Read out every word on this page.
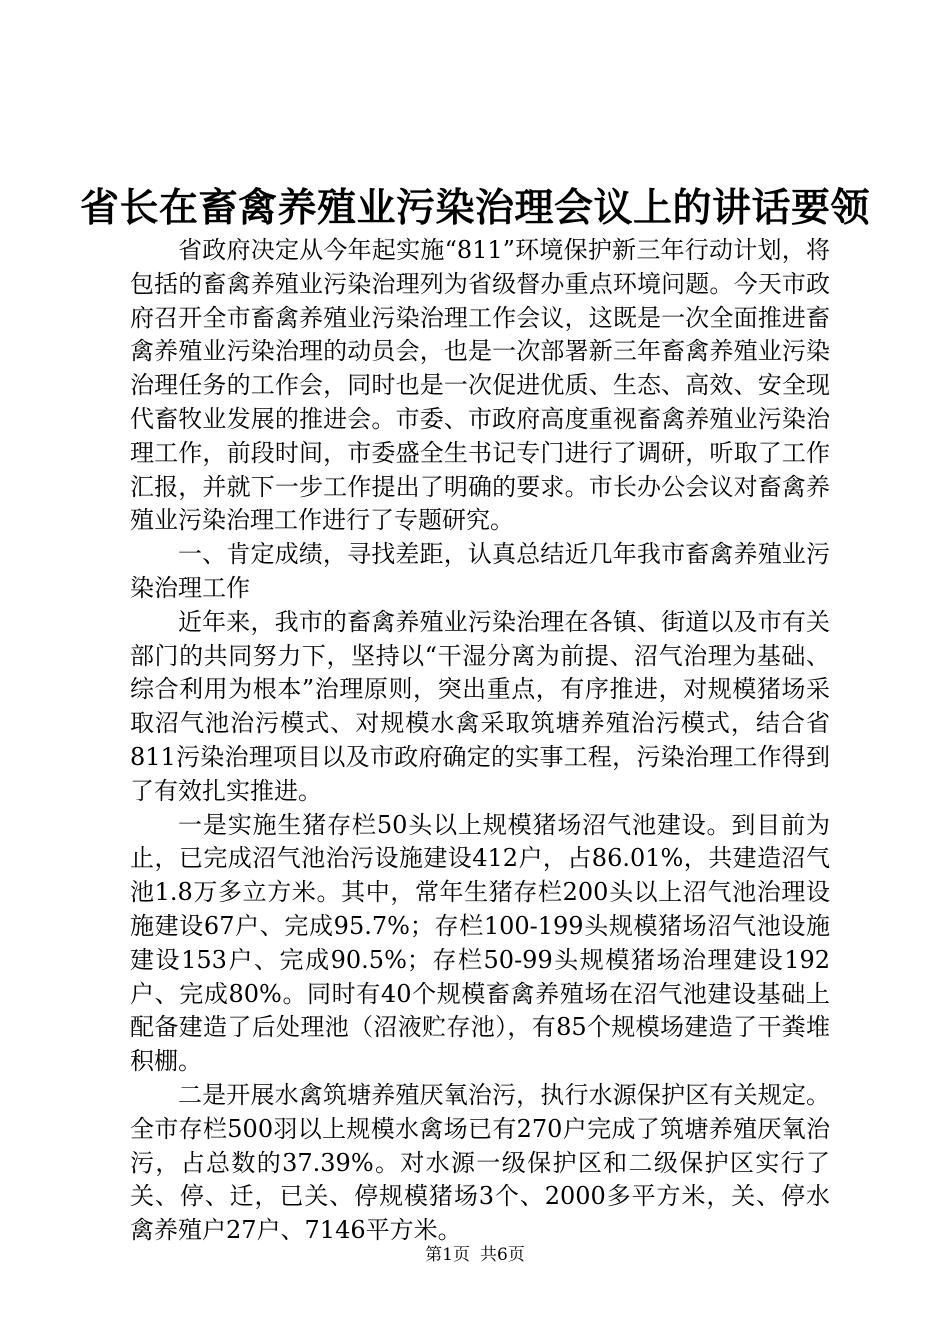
省长在畜禽养殖业污染治理会议上的讲话要领

省政府决定从今年起实施“811”环境保护新三年行动计划，将包括的畜禽养殖业污染治理列为省级督办重点环境问题。今天市政府召开全市畜禽养殖业污染治理工作会议，这既是一次全面推进畜禽养殖业污染治理的动员会，也是一次部署新三年畜禽养殖业污染治理任务的工作会，同时也是一次促进优质、生态、高效、安全现代畜牧业发展的推进会。市委、市政府高度重视畜禽养殖业污染治理工作，前段时间，市委盛全生书记专门进行了调研，听取了工作汇报，并就下一步工作提出了明确的要求。市长办公会议对畜禽养殖业污染治理工作进行了专题研究。

一、肯定成绩，寻找差距，认真总结近几年我市畜禽养殖业污染治理工作

近年来，我市的畜禽养殖业污染治理在各镇、街道以及市有关部门的共同努力下，坚持以“干湿分离为前提、沼气治理为基础、综合利用为根本”治理原则，突出重点，有序推进，对规模猪场采取沼气池治污模式、对规模水禽采取筑塘养殖治污模式，结合省811污染治理项目以及市政府确定的实事工程，污染治理工作得到了有效扎实推进。

一是实施生猪存栏50头以上规模猪场沼气池建设。到目前为止，已完成沼气池治污设施建设412户，占86.01%，共建造沼气池1.8万多立方米。其中，常年生猪存栏200头以上沼气池治理设施建设67户、完成95.7%；存栏100-199头规模猪场沼气池设施建设153户、完成90.5%；存栏50-99头规模猪场治理建设192户、完成80%。同时有40个规模畜禽养殖场在沼气池建设基础上配备建造了后处理池（沼液贮存池），有85个规模场建造了干粪堆积棚。

二是开展水禽筑塘养殖厌氧治污，执行水源保护区有关规定。全市存栏500羽以上规模水禽场已有270户完成了筑塘养殖厌氧治污，占总数的37.39%。对水源一级保护区和二级保护区实行了关、停、迁，已关、停规模猪场3个、2000多平方米，关、停水禽养殖户27户、7146平方米。

第1页 共6页
